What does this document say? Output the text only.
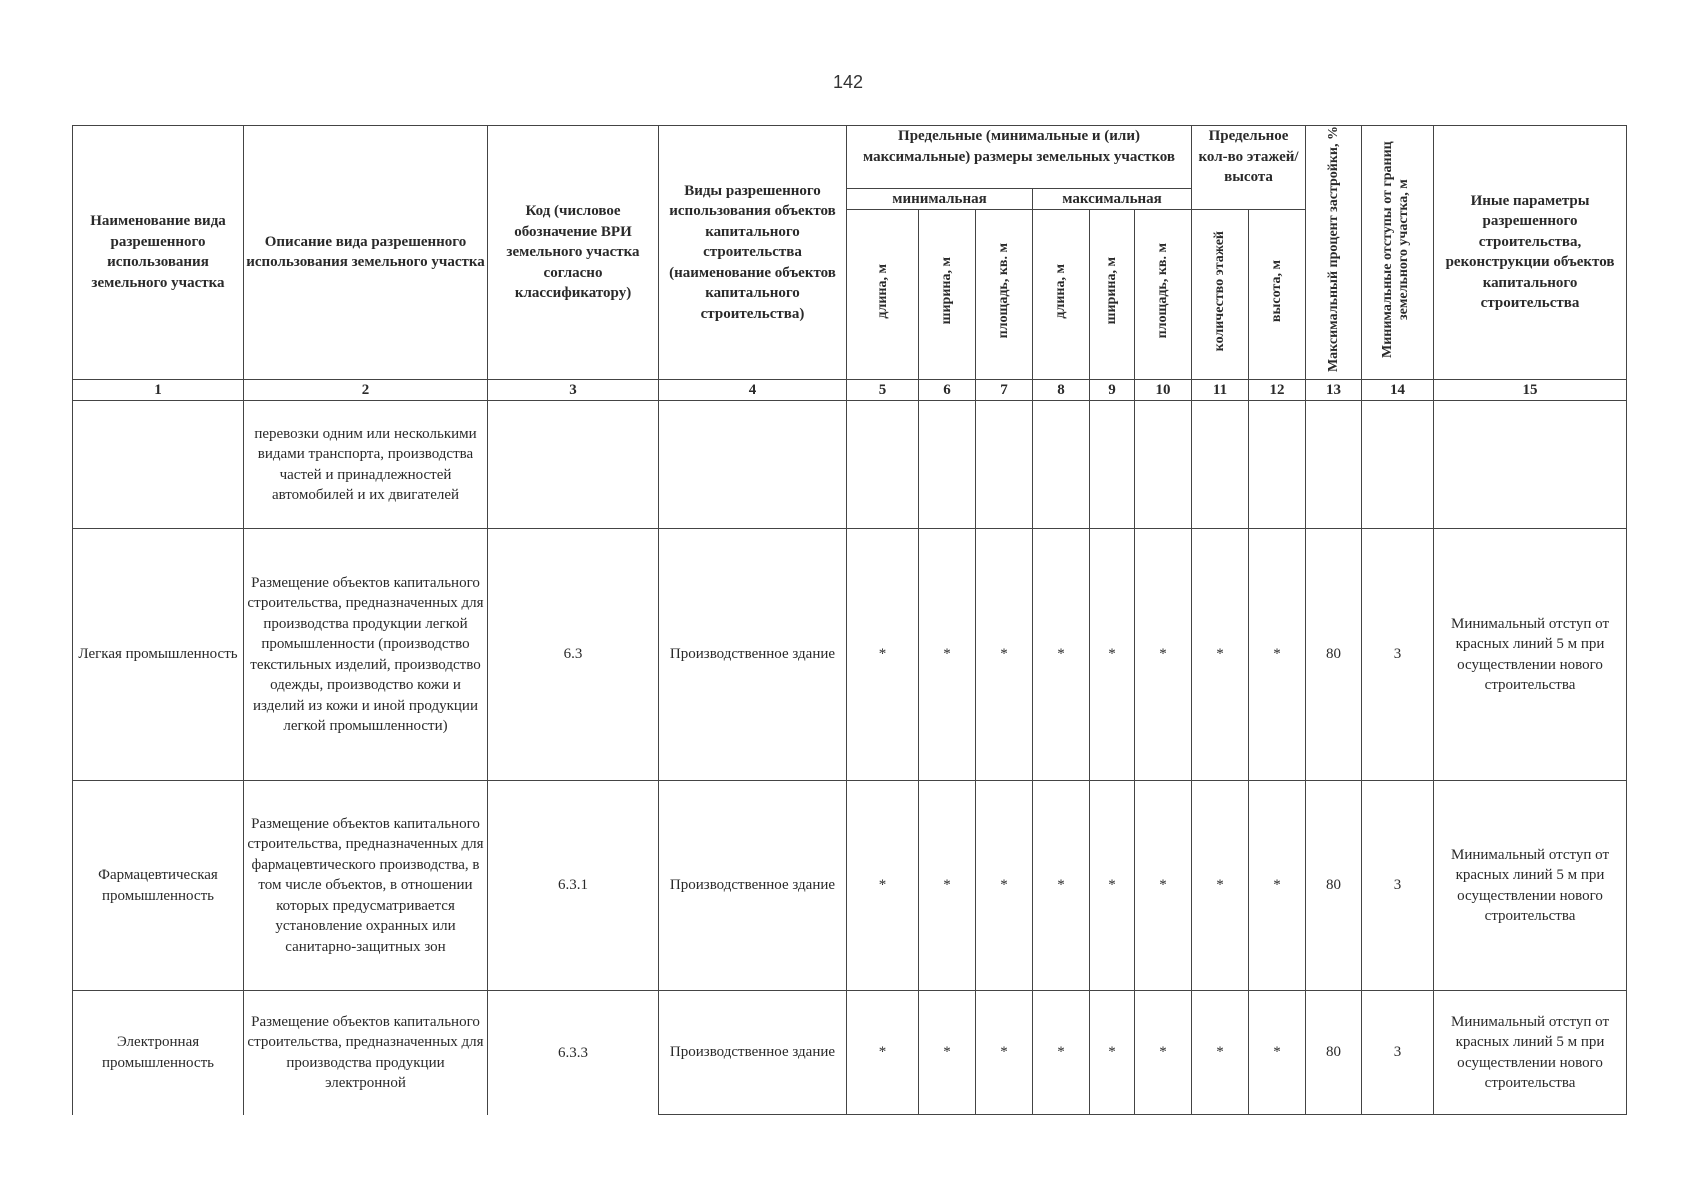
142
Наименование вида разрешенного использования земельного участка	Описание вида разрешенного использования земельного участка	Код (числовое обозначение ВРИ земельного участка согласно классификатору)	Виды разрешенного использования объектов капитального строительства (наименование объектов капитального строительства)	Предельные (минимальные и (или) максимальные) размеры земельных участков						Предельное кол-во этажей/высота		Максимальный процент застройки, %	Минимальные отступы от границ земельного участка, м	Иные параметры разрешенного строительства, реконструкции объектов капитального строительства
				минимальная			максимальная							
				длина, м	ширина, м	площадь, кв. м	длина, м	ширина, м	площадь, кв. м	количество этажей	высота, м			
1	2	3	4	5	6	7	8	9	10	11	12	13	14	15
	перевозки одним или несколькими видами транспорта, производства частей и принадлежностей автомобилей и их двигателей													
Легкая промышленность	Размещение объектов капитального строительства, предназначенных для производства продукции легкой промышленности (производство текстильных изделий, производство одежды, производство кожи и изделий из кожи и иной продукции легкой промышленности)	6.3	Производственное здание	*	*	*	*	*	*	*	*	80	3	Минимальный отступ от красных линий 5 м при осуществлении нового строительства
Фармацевтическая промышленность	Размещение объектов капитального строительства, предназначенных для фармацевтического производства, в том числе объектов, в отношении которых предусматривается установление охранных или санитарно-защитных зон	6.3.1	Производственное здание	*	*	*	*	*	*	*	*	80	3	Минимальный отступ от красных линий 5 м при осуществлении нового строительства
Электронная промышленность	Размещение объектов капитального строительства, предназначенных для производства продукции электронной	6.3.3	Производственное здание	*	*	*	*	*	*	*	*	80	3	Минимальный отступ от красных линий 5 м при осуществлении нового строительства
